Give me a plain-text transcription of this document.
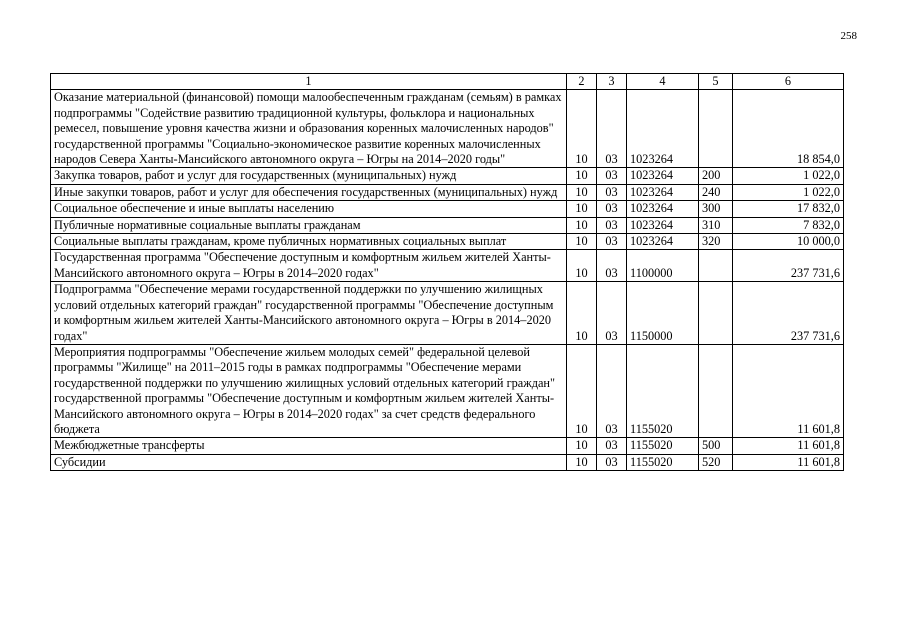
258
1	2	3	4	5	6
Оказание материальной (финансовой) помощи малообеспеченным гражданам (семьям) в рамках подпрограммы "Содействие развитию традиционной культуры, фольклора и национальных ремесел, повышение уровня качества жизни и образования коренных малочисленных народов" государственной программы "Социально-экономическое развитие коренных малочисленных народов Севера Ханты-Мансийского автономного округа – Югры на 2014–2020 годы"	10	03	1023264		18 854,0
Закупка товаров, работ и услуг для государственных (муниципальных) нужд	10	03	1023264	200	1 022,0
Иные закупки товаров, работ и услуг для обеспечения государственных (муниципальных) нужд	10	03	1023264	240	1 022,0
Социальное обеспечение и иные выплаты населению	10	03	1023264	300	17 832,0
Публичные нормативные социальные выплаты гражданам	10	03	1023264	310	7 832,0
Социальные выплаты гражданам, кроме публичных нормативных социальных выплат	10	03	1023264	320	10 000,0
Государственная программа "Обеспечение доступным и комфортным жильем жителей Ханты-Мансийского автономного округа – Югры в 2014–2020 годах"	10	03	1100000		237 731,6
Подпрограмма "Обеспечение мерами государственной поддержки по улучшению жилищных условий отдельных категорий граждан" государственной программы "Обеспечение доступным и комфортным жильем жителей Ханты-Мансийского автономного округа – Югры в 2014–2020 годах"	10	03	1150000		237 731,6
Мероприятия подпрограммы "Обеспечение жильем молодых семей" федеральной целевой программы "Жилище" на 2011–2015 годы в рамках подпрограммы "Обеспечение мерами государственной поддержки по улучшению жилищных условий отдельных категорий граждан" государственной программы "Обеспечение доступным и комфортным жильем жителей Ханты-Мансийского автономного округа – Югры в 2014–2020 годах" за счет средств федерального бюджета	10	03	1155020		11 601,8
Межбюджетные трансферты	10	03	1155020	500	11 601,8
Субсидии	10	03	1155020	520	11 601,8
